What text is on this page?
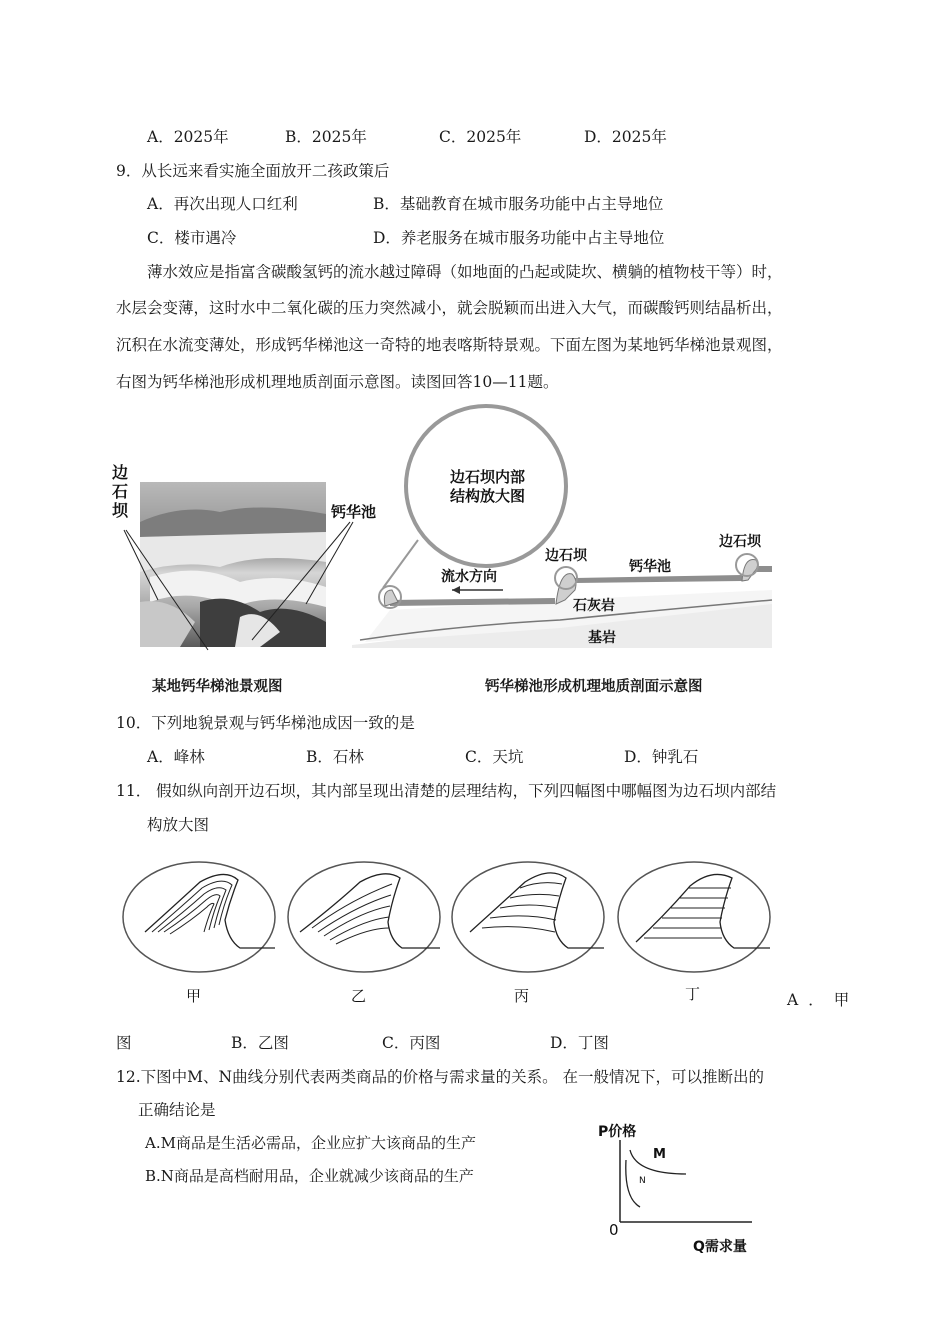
A．2025年	B．2025年	C．2025年	D．2025年
9．从长远来看实施全面放开二孩政策后
A．再次出现人口红利	B．基础教育在城市服务功能中占主导地位
C．楼市遇冷	D．养老服务在城市服务功能中占主导地位
薄水效应是指富含碳酸氢钙的流水越过障碍（如地面的凸起或陡坎、横躺的植物枝干等）时，
水层会变薄，这时水中二氧化碳的压力突然减小，就会脱颖而出进入大气，而碳酸钙则结晶析出，
沉积在水流变薄处，形成钙华梯池这一奇特的地表喀斯特景观。下面左图为某地钙华梯池景观图，
右图为钙华梯池形成机理地质剖面示意图。读图回答10—11题。
边石坝	钙华池
某地钙华梯池景观图
边石坝内部
结构放大图
流水方向
边石坝
钙华池
边石坝
石灰岩
基岩
钙华梯池形成机理地质剖面示意图
10．下列地貌景观与钙华梯池成因一致的是
A．峰林	B．石林	C．天坑	D．钟乳石
11． 假如纵向剖开边石坝，其内部呈现出清楚的层理结构，下列四幅图中哪幅图为边石坝内部结
构放大图
甲	乙	丙	丁	A．甲
图	B．乙图	C．丙图	D．丁图
12.下图中M、N曲线分别代表两类商品的价格与需求量的关系。 在一般情况下，可以推断出的
正确结论是
A.M商品是生活必需品，企业应扩大该商品的生产
B.N商品是高档耐用品，企业就减少该商品的生产
P价格
Q需求量
0
M
N
